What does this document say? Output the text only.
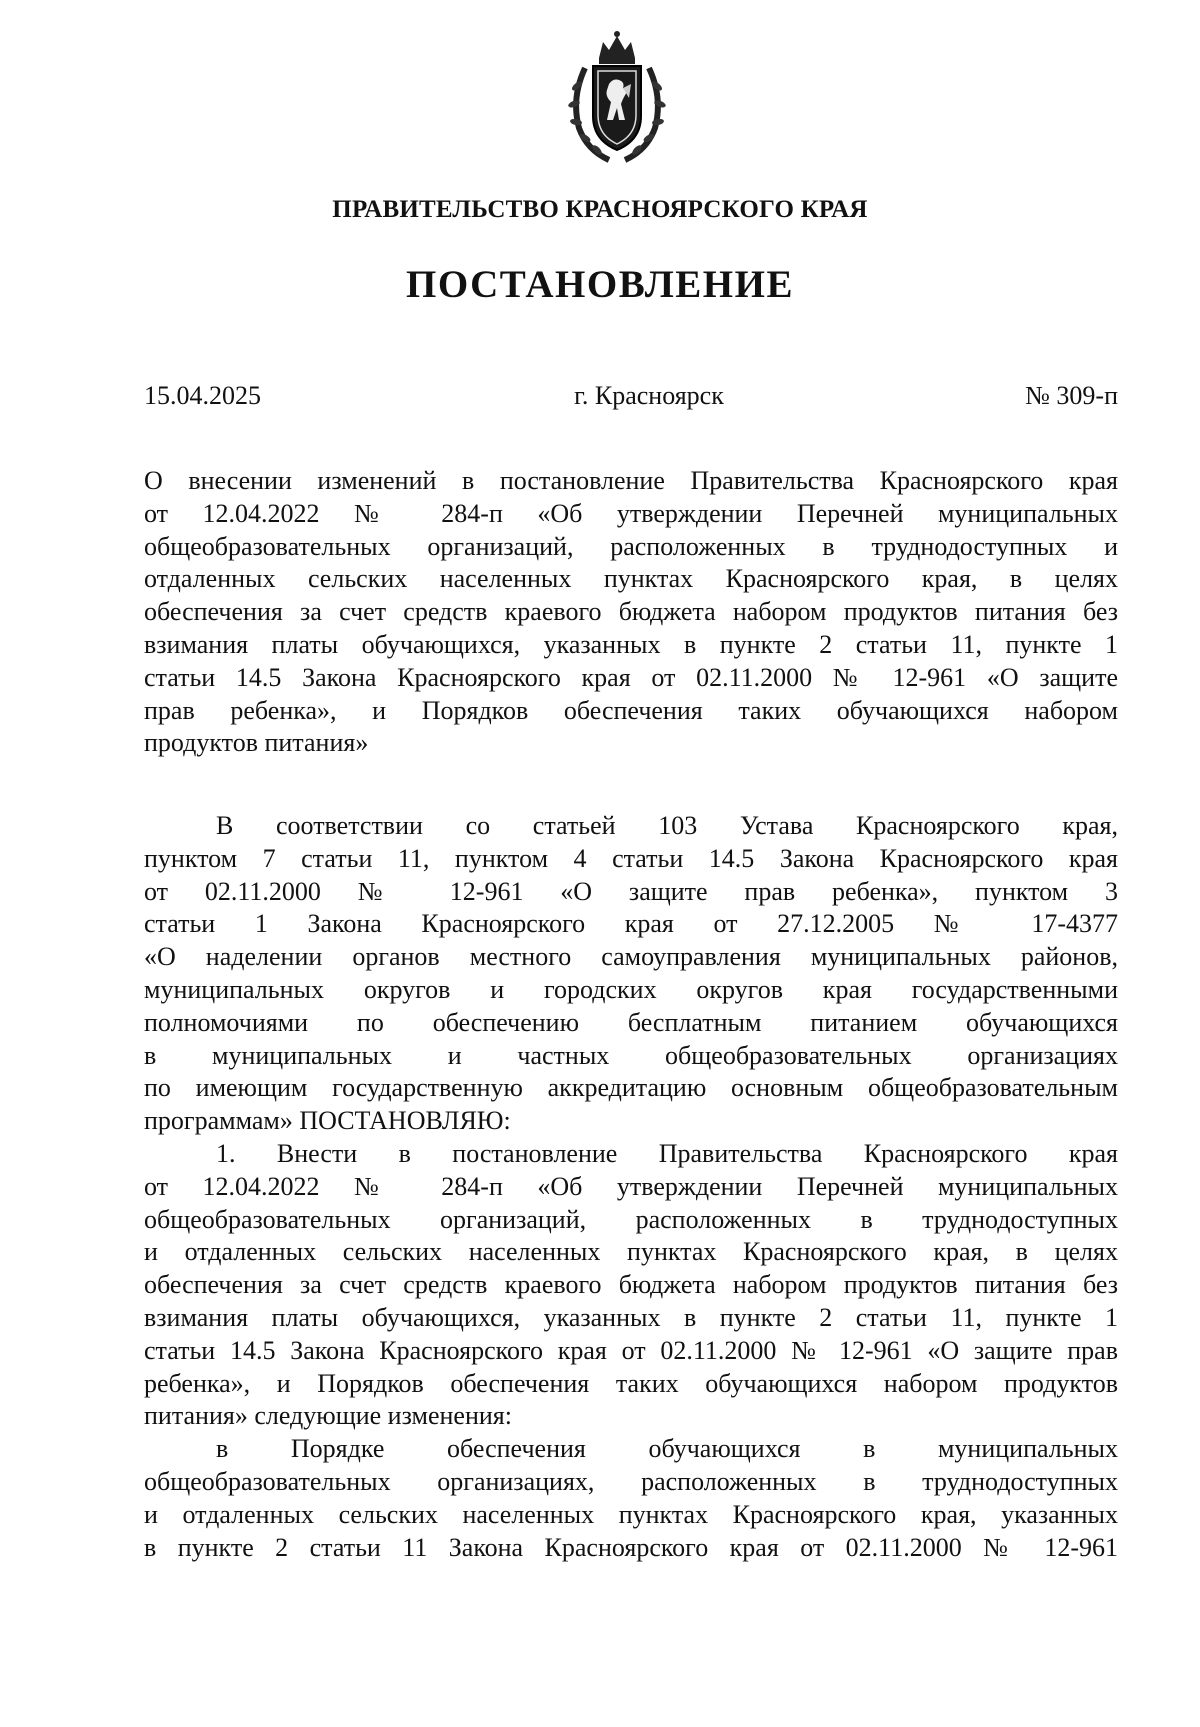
ПРАВИТЕЛЬСТВО КРАСНОЯРСКОГО КРАЯ
ПОСТАНОВЛЕНИЕ
15.04.2025	г. Красноярск	№ 309-п
О внесении изменений в постановление Правительства Красноярского края
от 12.04.2022 № 284-п «Об утверждении Перечней муниципальных
общеобразовательных организаций, расположенных в труднодоступных и
отдаленных сельских населенных пунктах Красноярского края, в целях
обеспечения за счет средств краевого бюджета набором продуктов питания без
взимания платы обучающихся, указанных в пункте 2 статьи 11, пункте 1
статьи 14.5 Закона Красноярского края от 02.11.2000 № 12-961 «О защите
прав ребенка», и Порядков обеспечения таких обучающихся набором
продуктов питания»
В соответствии со статьей 103 Устава Красноярского края,
пунктом 7 статьи 11, пунктом 4 статьи 14.5 Закона Красноярского края
от 02.11.2000 № 12-961 «О защите прав ребенка», пунктом 3
статьи 1 Закона Красноярского края от 27.12.2005 № 17-4377
«О наделении органов местного самоуправления муниципальных районов,
муниципальных округов и городских округов края государственными
полномочиями по обеспечению бесплатным питанием обучающихся
в муниципальных и частных общеобразовательных организациях
по имеющим государственную аккредитацию основным общеобразовательным
программам» ПОСТАНОВЛЯЮ:
1. Внести в постановление Правительства Красноярского края
от 12.04.2022 № 284-п «Об утверждении Перечней муниципальных
общеобразовательных организаций, расположенных в труднодоступных
и отдаленных сельских населенных пунктах Красноярского края, в целях
обеспечения за счет средств краевого бюджета набором продуктов питания без
взимания платы обучающихся, указанных в пункте 2 статьи 11, пункте 1
статьи 14.5 Закона Красноярского края от 02.11.2000 № 12-961 «О защите прав
ребенка», и Порядков обеспечения таких обучающихся набором продуктов
питания» следующие изменения:
в Порядке обеспечения обучающихся в муниципальных
общеобразовательных организациях, расположенных в труднодоступных
и отдаленных сельских населенных пунктах Красноярского края, указанных
в пункте 2 статьи 11 Закона Красноярского края от 02.11.2000 № 12-961
